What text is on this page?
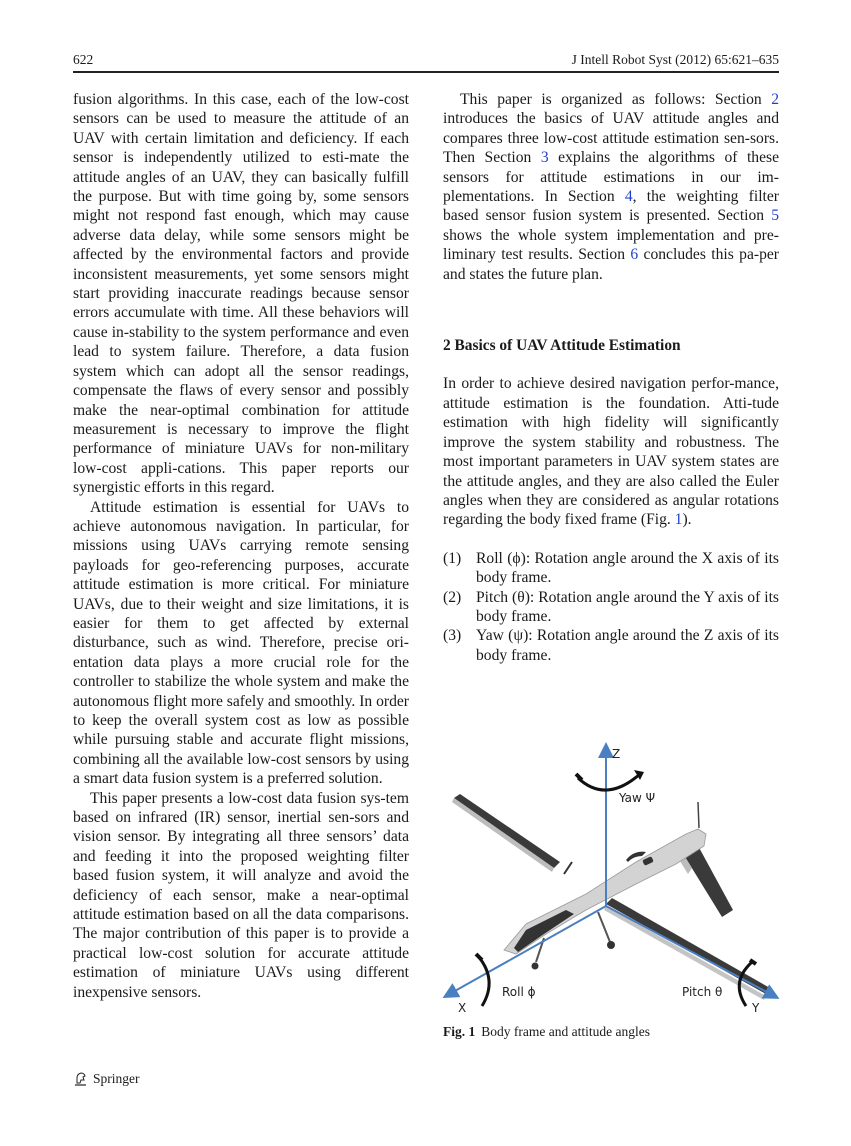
622	J Intell Robot Syst (2012) 65:621–635

fusion algorithms. In this case, each of the low-cost sensors can be used to measure the attitude of an UAV with certain limitation and deficiency. If each sensor is independently utilized to esti-mate the attitude angles of an UAV, they can basically fulfill the purpose. But with time going by, some sensors might not respond fast enough, which may cause adverse data delay, while some sensors might be affected by the environmental factors and provide inconsistent measurements, yet some sensors might start providing inaccurate readings because sensor errors accumulate with time. All these behaviors will cause in-stability to the system performance and even lead to system failure. Therefore, a data fusion system which can adopt all the sensor readings, compensate the flaws of every sensor and possibly make the near-optimal combination for attitude measurement is necessary to improve the flight performance of miniature UAVs for non-military low-cost appli-cations. This paper reports our synergistic efforts in this regard.

Attitude estimation is essential for UAVs to achieve autonomous navigation. In particular, for missions using UAVs carrying remote sensing payloads for geo-referencing purposes, accurate attitude estimation is more critical. For miniature UAVs, due to their weight and size limitations, it is easier for them to get affected by external disturbance, such as wind. Therefore, precise ori-entation data plays a more crucial role for the controller to stabilize the whole system and make the autonomous flight more safely and smoothly. In order to keep the overall system cost as low as possible while pursuing stable and accurate flight missions, combining all the available low-cost sensors by using a smart data fusion system is a preferred solution.

This paper presents a low-cost data fusion sys-tem based on infrared (IR) sensor, inertial sen-sors and vision sensor. By integrating all three sensors’ data and feeding it into the proposed weighting filter based fusion system, it will analyze and avoid the deficiency of each sensor, make a near-optimal attitude estimation based on all the data comparisons. The major contribution of this paper is to provide a practical low-cost solution for accurate attitude estimation of miniature UAVs using different inexpensive sensors.

This paper is organized as follows: Section 2 introduces the basics of UAV attitude angles and compares three low-cost attitude estimation sen-sors. Then Section 3 explains the algorithms of these sensors for attitude estimations in our im-plementations. In Section 4, the weighting filter based sensor fusion system is presented. Section 5 shows the whole system implementation and pre-liminary test results. Section 6 concludes this pa-per and states the future plan.

2 Basics of UAV Attitude Estimation

In order to achieve desired navigation perfor-mance, attitude estimation is the foundation. Atti-tude estimation with high fidelity will significantly improve the system stability and robustness. The most important parameters in UAV system states are the attitude angles, and they are also called the Euler angles when they are considered as angular rotations regarding the body fixed frame (Fig. 1).

(1) Roll (ϕ): Rotation angle around the X axis of its body frame.
(2) Pitch (θ): Rotation angle around the Y axis of its body frame.
(3) Yaw (ψ): Rotation angle around the Z axis of its body frame.
Z
Yaw Ψ
Roll ϕ	Pitch θ
X	Y
Fig. 1 Body frame and attitude angles
Springer
